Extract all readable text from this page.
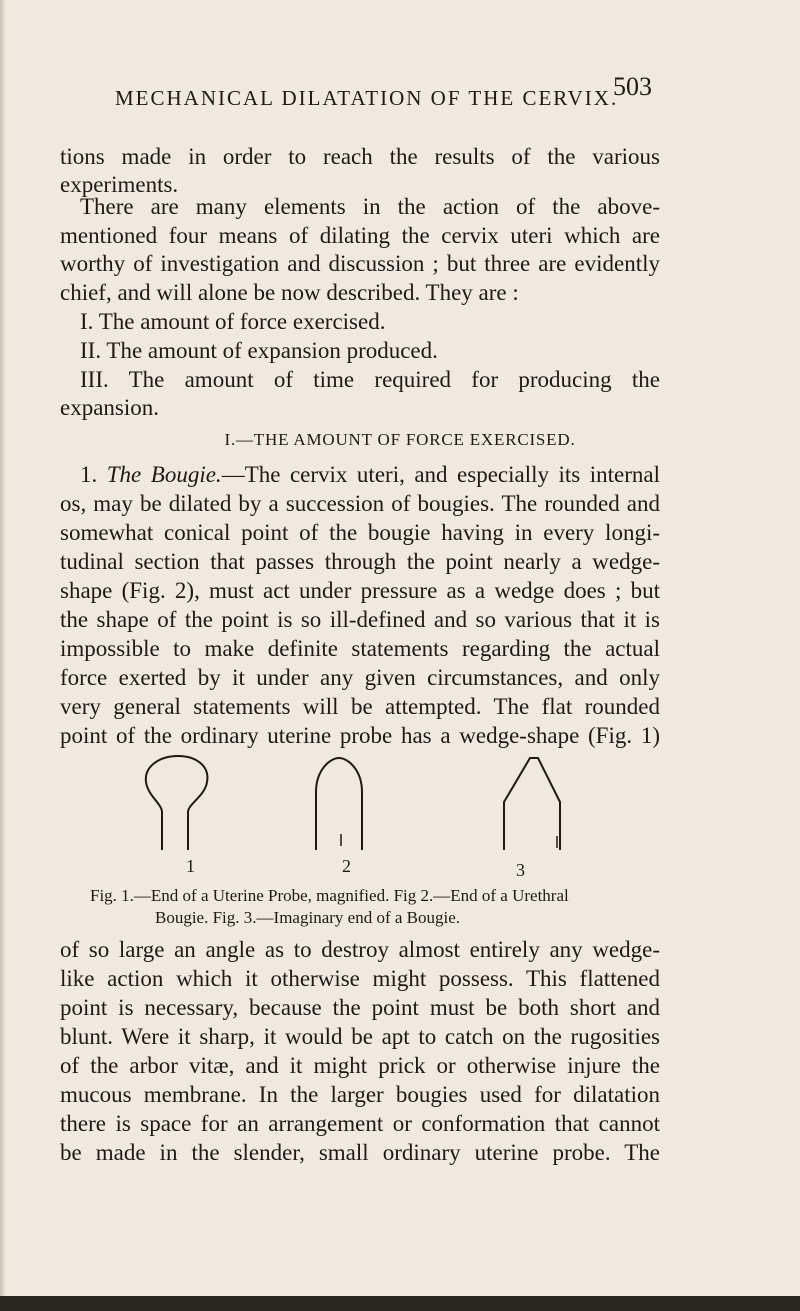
MECHANICAL DILATATION OF THE CERVIX.
503
tions made in order to reach the results of the various
experiments.
There are many elements in the action of the above-
mentioned four means of dilating the cervix uteri which are
worthy of investigation and discussion ; but three are evidently
chief, and will alone be now described. They are :
I. The amount of force exercised.
II. The amount of expansion produced.
III. The amount of time required for producing the
expansion.
I.—THE AMOUNT OF FORCE EXERCISED.
1. The Bougie.—The cervix uteri, and especially its internal
os, may be dilated by a succession of bougies. The rounded and
somewhat conical point of the bougie having in every longi-
tudinal section that passes through the point nearly a wedge-
shape (Fig. 2), must act under pressure as a wedge does ; but
the shape of the point is so ill-defined and so various that it is
impossible to make definite statements regarding the actual
force exerted by it under any given circumstances, and only
very general statements will be attempted. The flat rounded
point of the ordinary uterine probe has a wedge-shape (Fig. 1)
1	2	3
Fig. 1.—End of a Uterine Probe, magnified. Fig 2.—End of a Urethral
Bougie. Fig. 3.—Imaginary end of a Bougie.
of so large an angle as to destroy almost entirely any wedge-
like action which it otherwise might possess. This flattened
point is necessary, because the point must be both short and
blunt. Were it sharp, it would be apt to catch on the rugosities
of the arbor vitæ, and it might prick or otherwise injure the
mucous membrane. In the larger bougies used for dilatation
there is space for an arrangement or conformation that cannot
be made in the slender, small ordinary uterine probe. The
